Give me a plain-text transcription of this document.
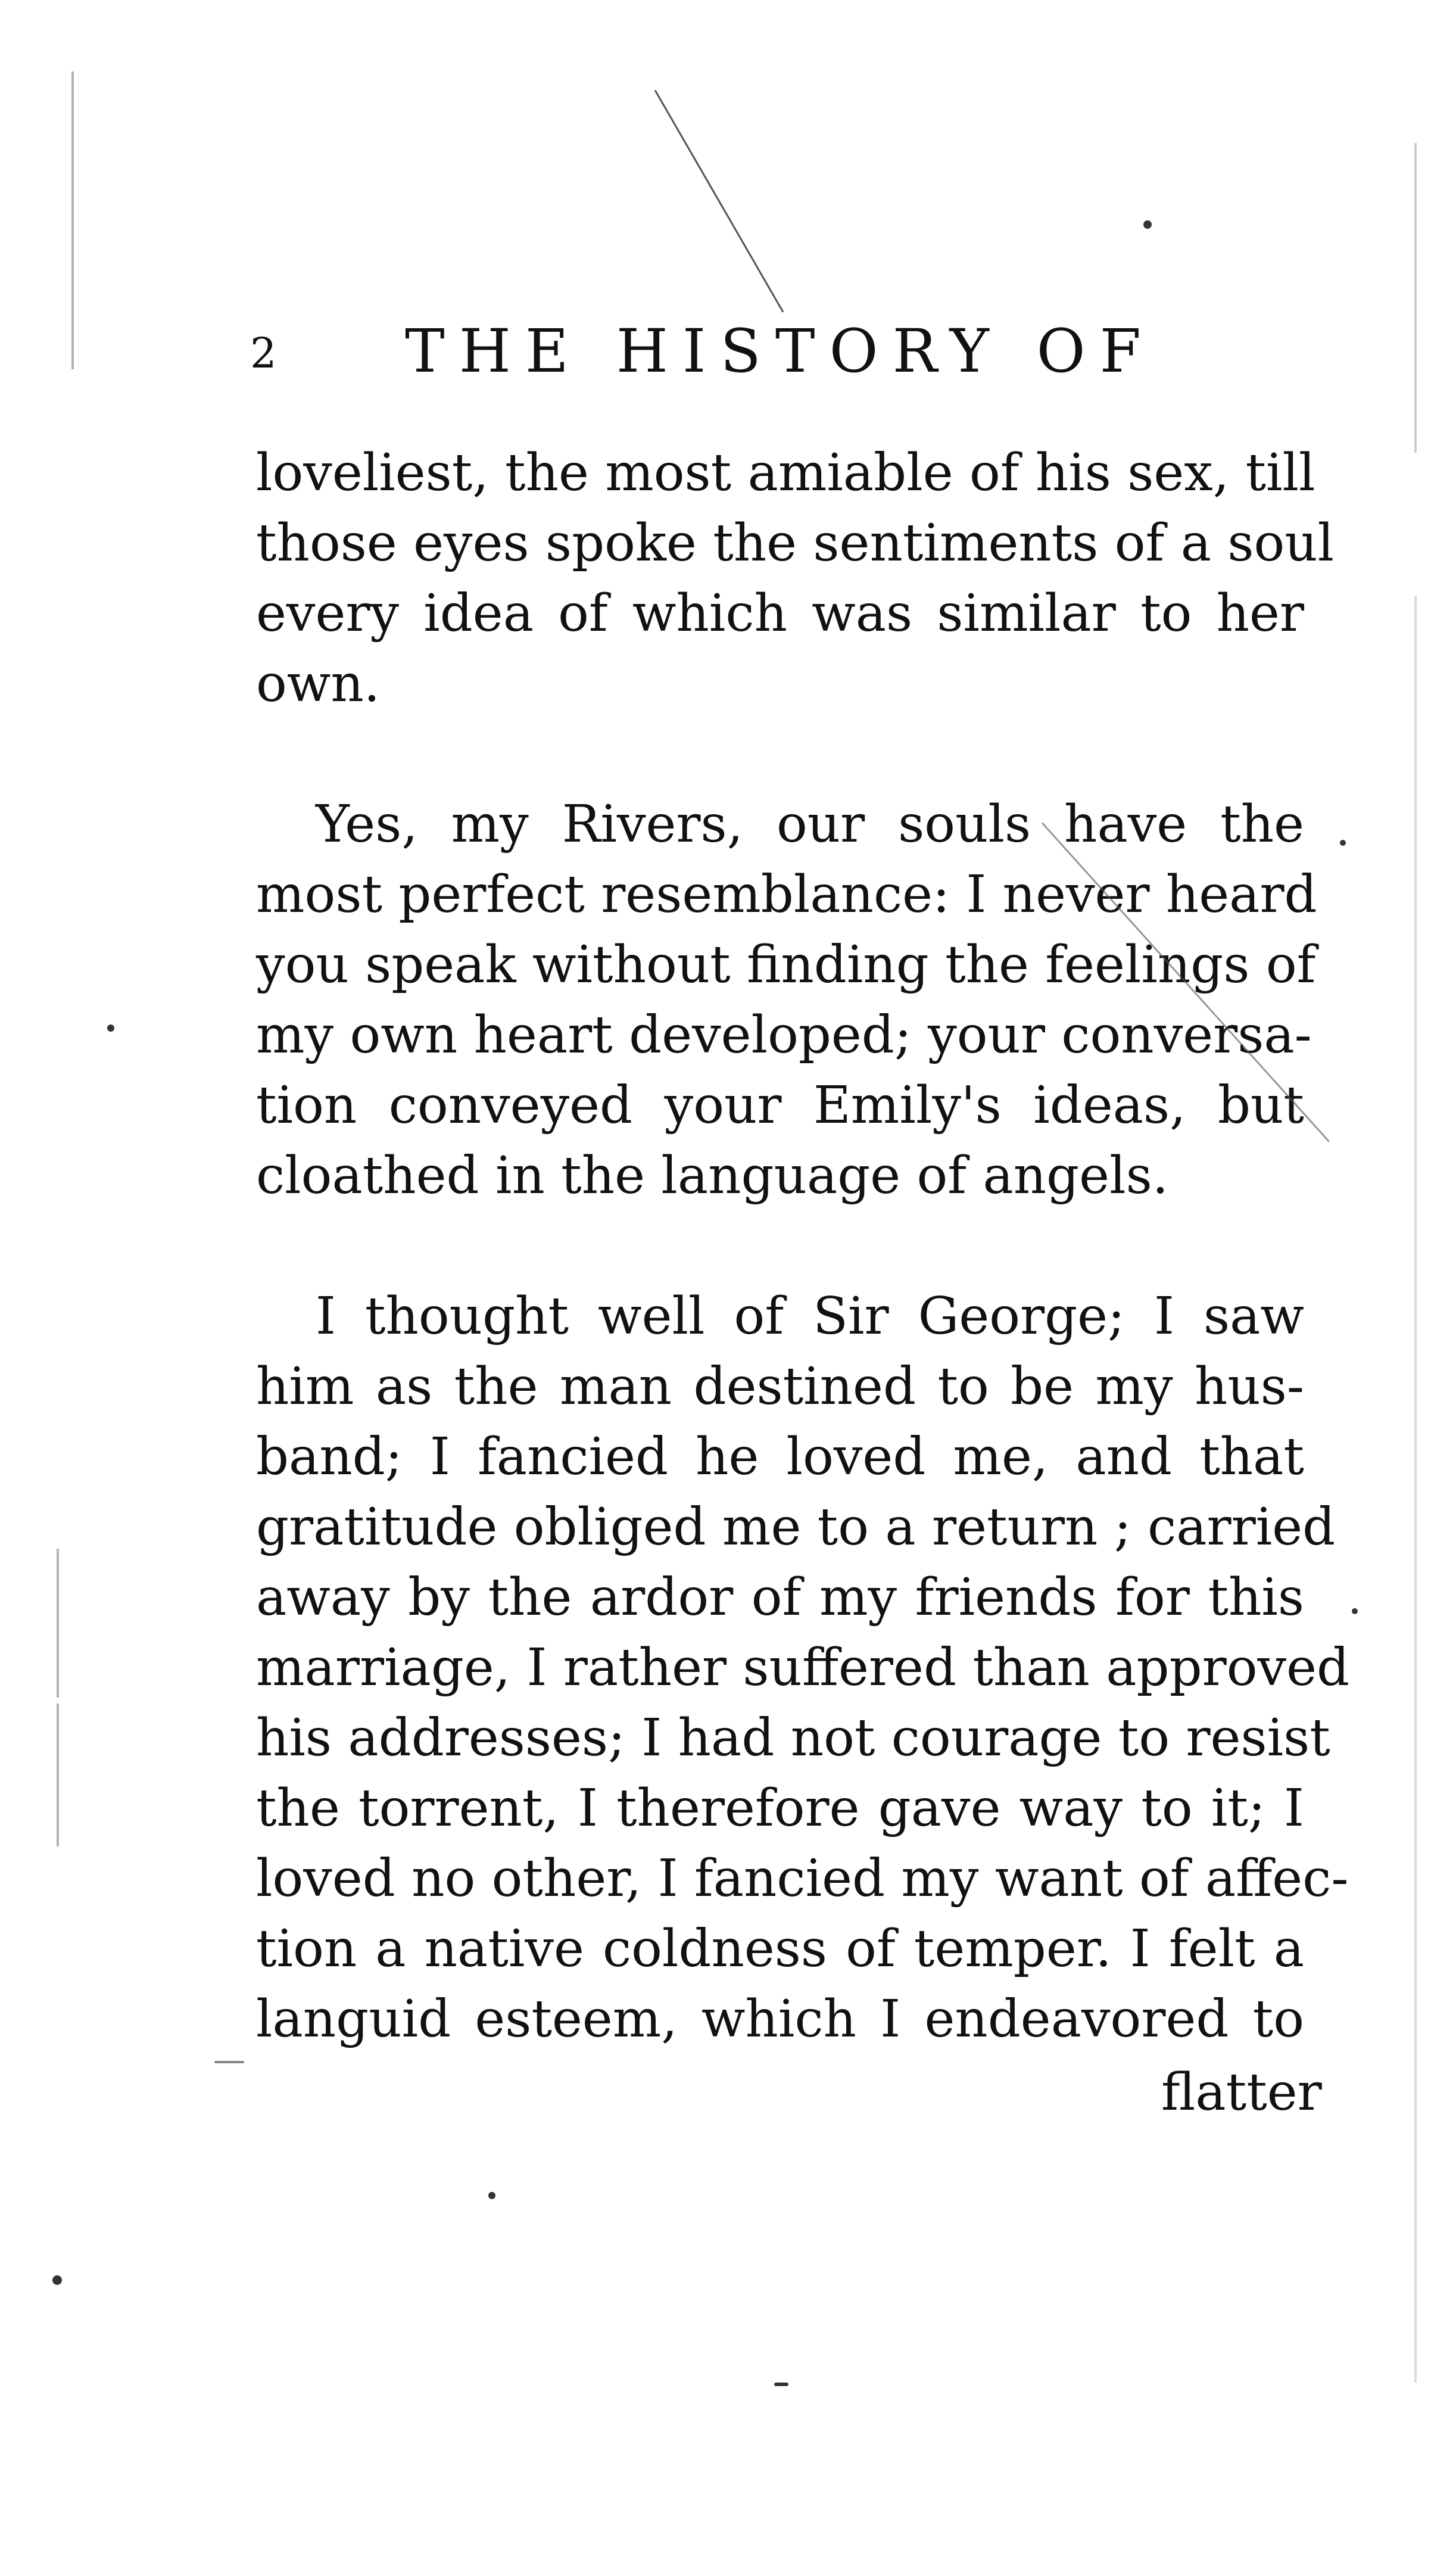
2 THE HISTORY OF
loveliest, the most amiable of his sex, till
those eyes spoke the sentiments of a soul
every idea of which was similar to her
own.
Yes, my Rivers, our souls have the
most perfect resemblance: I never heard
you speak without finding the feelings of
my own heart developed; your conversa-
tion conveyed your Emily's ideas, but
cloathed in the language of angels.
I thought well of Sir George; I saw
him as the man destined to be my hus-
band; I fancied he loved me, and that
gratitude obliged me to a return ; carried
away by the ardor of my friends for this
marriage, I rather suffered than approved
his addresses; I had not courage to resist
the torrent, I therefore gave way to it; I
loved no other, I fancied my want of affec-
tion a native coldness of temper. I felt a
languid esteem, which I endeavored to
flatter
